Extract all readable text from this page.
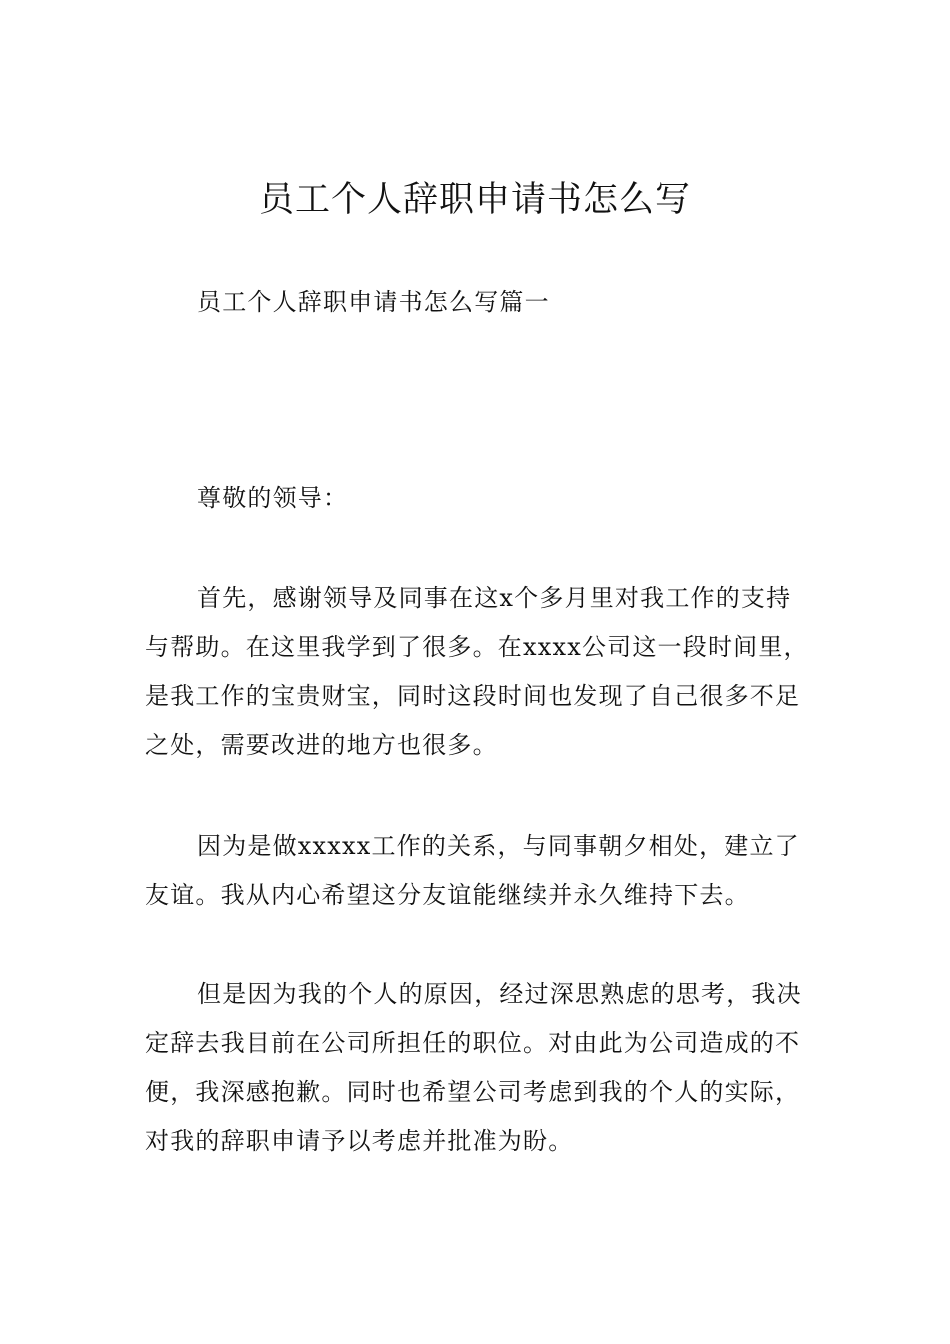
员工个人辞职申请书怎么写

员工个人辞职申请书怎么写篇一

尊敬的领导：

首先，感谢领导及同事在这x个多月里对我工作的支持与帮助。在这里我学到了很多。在xxxx公司这一段时间里，是我工作的宝贵财宝，同时这段时间也发现了自己很多不足之处，需要改进的地方也很多。

因为是做xxxxx工作的关系，与同事朝夕相处，建立了友谊。我从内心希望这分友谊能继续并永久维持下去。

但是因为我的个人的原因，经过深思熟虑的思考，我决定辞去我目前在公司所担任的职位。对由此为公司造成的不便，我深感抱歉。同时也希望公司考虑到我的个人的实际，对我的辞职申请予以考虑并批准为盼。
